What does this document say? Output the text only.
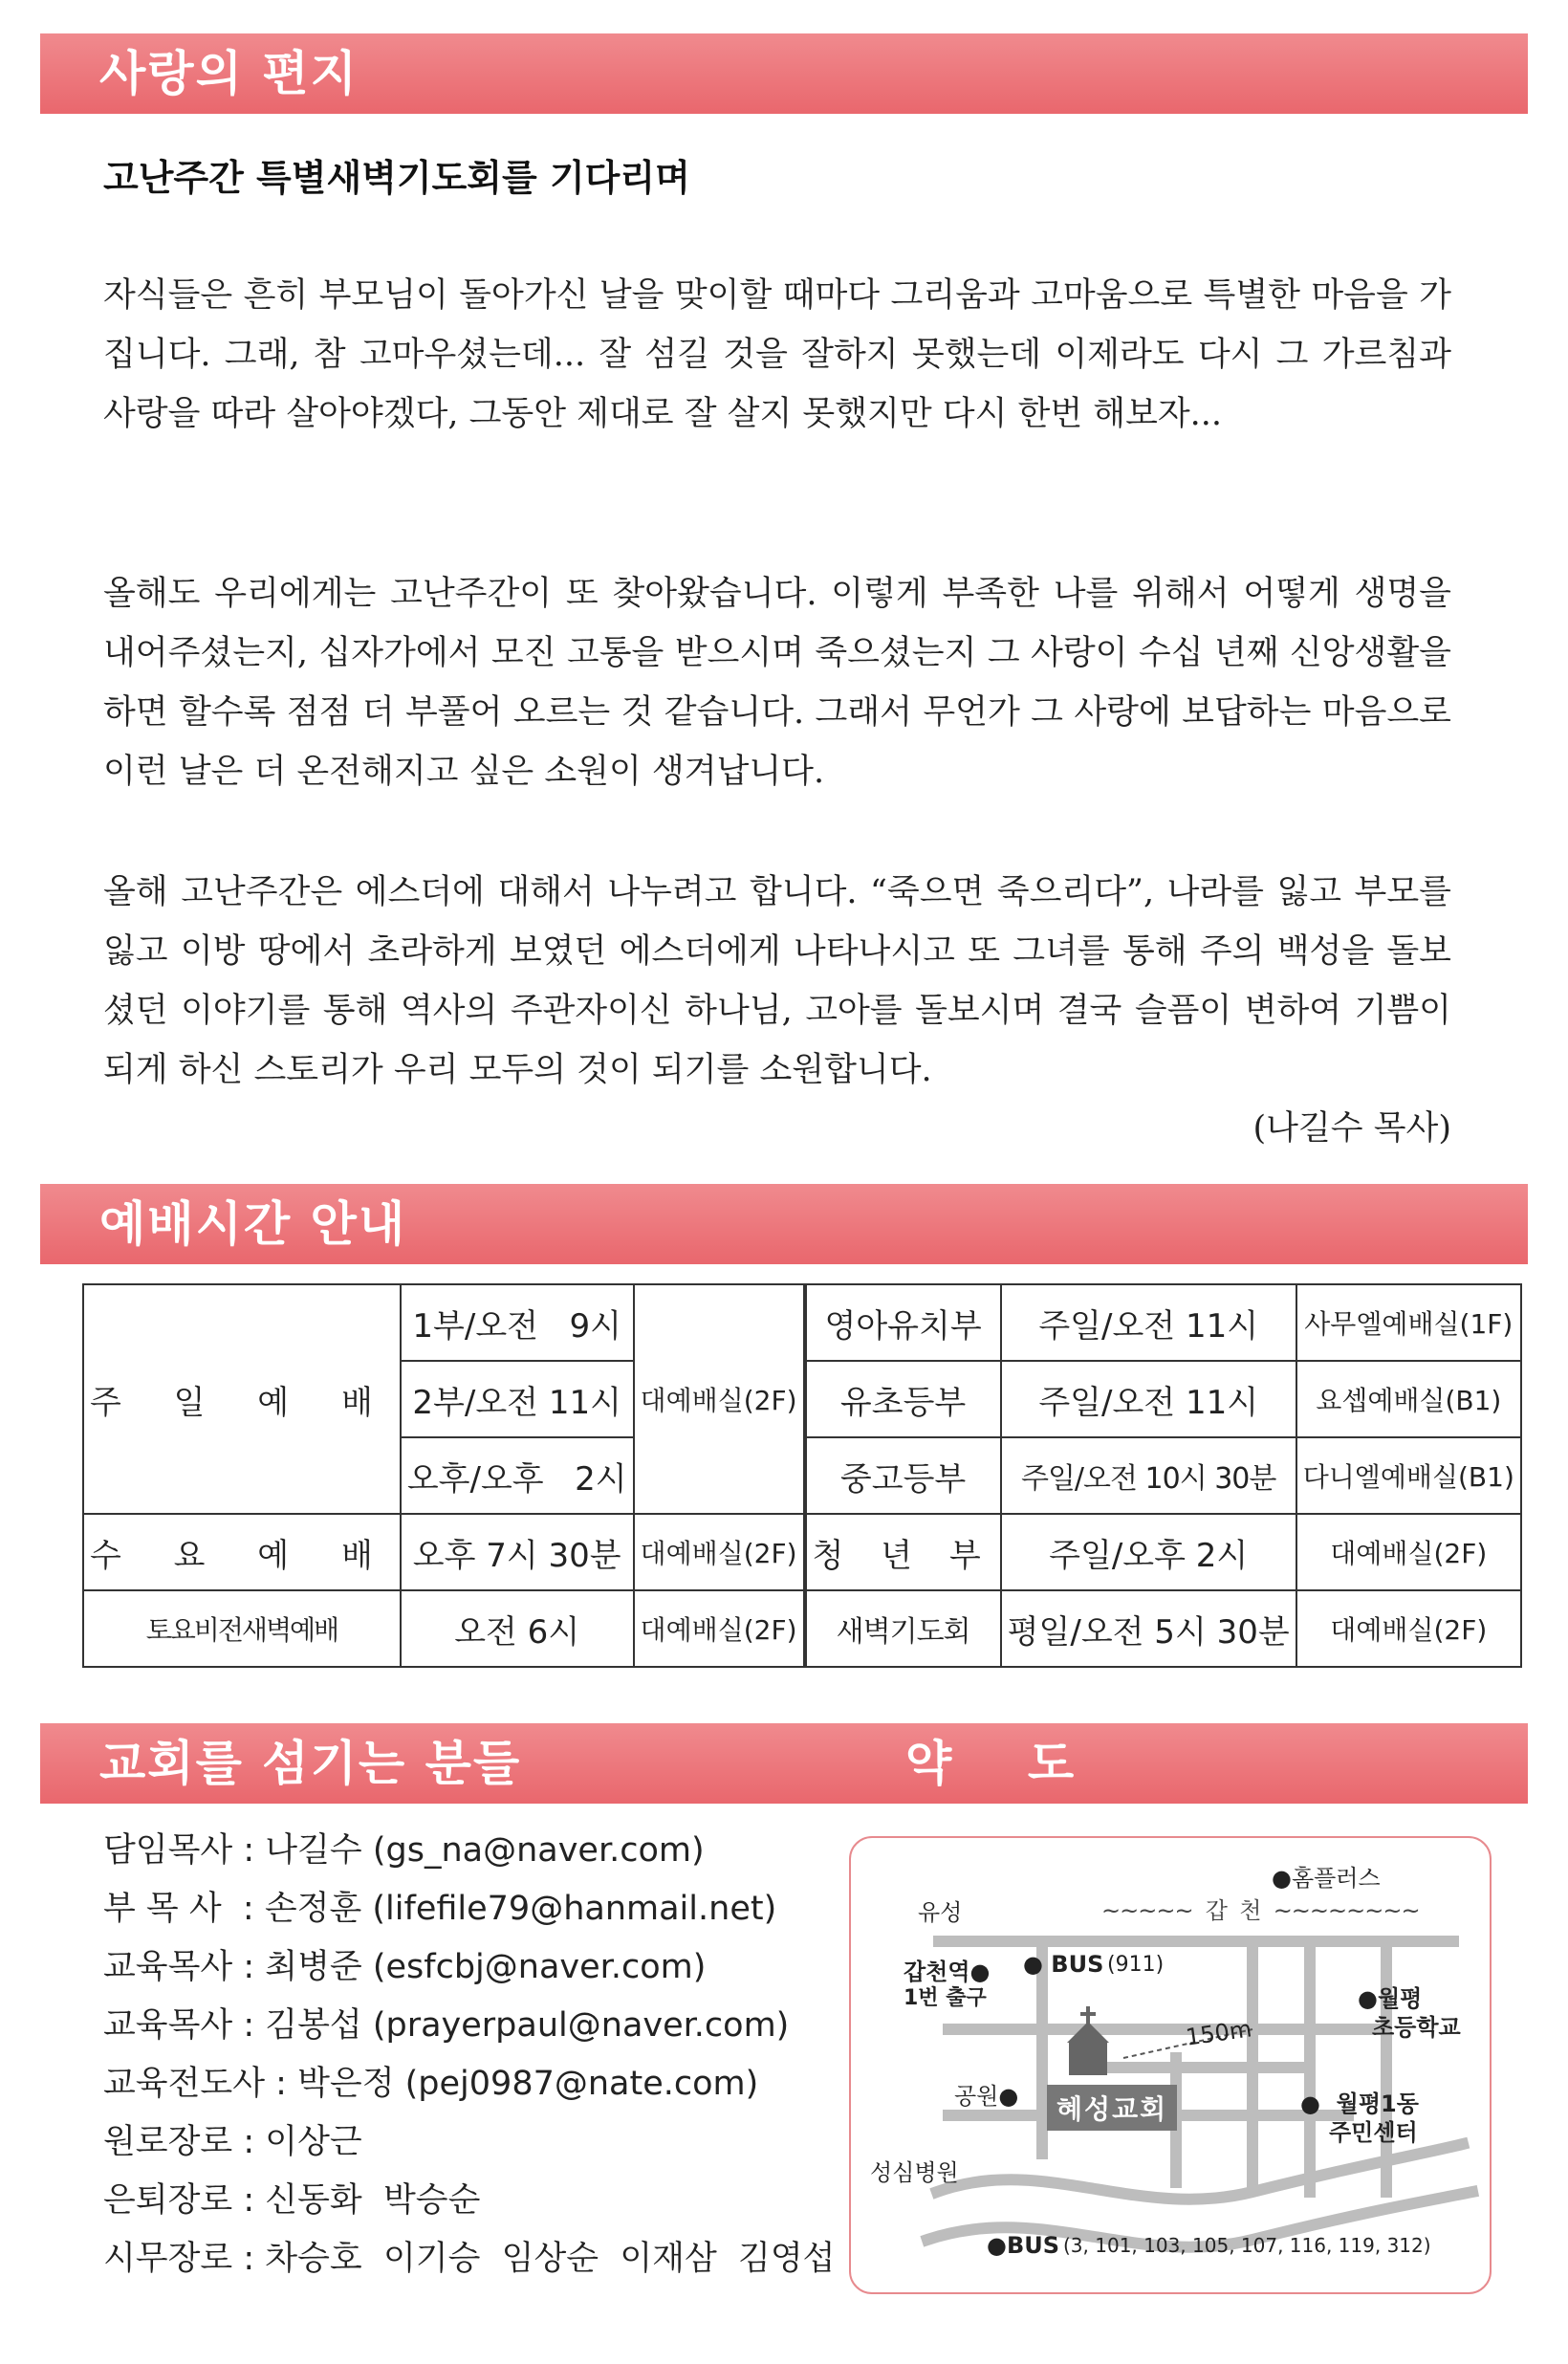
사랑의 편지
고난주간 특별새벽기도회를 기다리며
자식들은 흔히 부모님이 돌아가신 날을 맞이할 때마다 그리움과 고마움으로 특별한 마음을 가집니다. 그래, 참 고마우셨는데... 잘 섬길 것을 잘하지 못했는데 이제라도 다시 그 가르침과 사랑을 따라 살아야겠다, 그동안 제대로 잘 살지 못했지만 다시 한번 해보자...
올해도 우리에게는 고난주간이 또 찾아왔습니다. 이렇게 부족한 나를 위해서 어떻게 생명을 내어주셨는지, 십자가에서 모진 고통을 받으시며 죽으셨는지 그 사랑이 수십 년째 신앙생활을 하면 할수록 점점 더 부풀어 오르는 것 같습니다. 그래서 무언가 그 사랑에 보답하는 마음으로 이런 날은 더 온전해지고 싶은 소원이 생겨납니다.
올해 고난주간은 에스더에 대해서 나누려고 합니다. “죽으면 죽으리다”, 나라를 잃고 부모를 잃고 이방 땅에서 초라하게 보였던 에스더에게 나타나시고 또 그녀를 통해 주의 백성을 돌보셨던 이야기를 통해 역사의 주관자이신 하나님, 고아를 돌보시며 결국 슬픔이 변하여 기쁨이 되게 하신 스토리가 우리 모두의 것이 되기를 소원합니다.
(나길수 목사)
예배시간 안내
주 일 예 배	1부/오전   9시	대예배실(2F)	영아유치부	주일/오전 11시	사무엘예배실(1F)
	2부/오전 11시		유초등부	주일/오전 11시	요셉예배실(B1)
	오후/오후   2시		중고등부	주일/오전 10시 30분	다니엘예배실(B1)
수 요 예 배	오후 7시 30분	대예배실(2F)	청 년 부	주일/오후 2시	대예배실(2F)
토요비전새벽예배	오전 6시	대예배실(2F)	새벽기도회	평일/오전 5시 30분	대예배실(2F)
교회를 섬기는 분들	약    도
담임목사 : 나길수 (gs_na@naver.com)
부 목 사  : 손정훈 (lifefile79@hanmail.net)
교육목사 : 최병준 (esfcbj@naver.com)
교육목사 : 김봉섭 (prayerpaul@naver.com)
교육전도사 : 박은정 (pej0987@nate.com)
원로장로 : 이상근
은퇴장로 : 신동화  박승순
시무장로 : 차승호  이기승  임상순  이재삼  김영섭
유성
●홈플러스
~~~~~  갑  천  ~~~~~~~~
갑천역●
1번 출구
● BUS (911)
150m
●월평
초등학교
공원●	혜성교회	●  월평1동
주민센터
성심병원
●BUS (3, 101, 103, 105, 107, 116, 119, 312)
